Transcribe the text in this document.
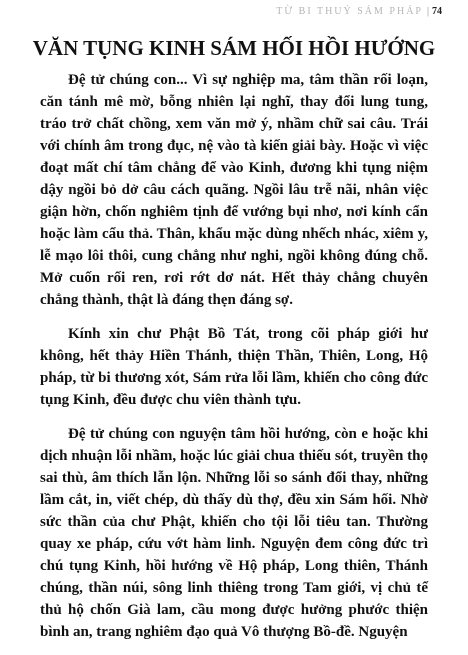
TỪ BI THUỶ SÁM PHÁP | 74
VĂN TỤNG KINH SÁM HỐI HỒI HƯỚNG

Đệ tử chúng con... Vì sự nghiệp ma, tâm thần rối loạn, căn tánh mê mờ, bỗng nhiên lại nghĩ, thay đổi lung tung, tráo trở chất chồng, xem văn mở ý, nhầm chữ sai câu. Trái với chính âm trong đục, nệ vào tà kiến giải bày. Hoặc vì việc đoạt mất chí tâm chẳng để vào Kinh, đương khi tụng niệm dậy ngồi bỏ dở câu cách quãng. Ngồi lâu trễ nãi, nhân việc giận hờn, chốn nghiêm tịnh để vướng bụi nhơ, nơi kính cẩn hoặc làm cẩu thả. Thân, khẩu mặc dùng nhếch nhác, xiêm y, lễ mạo lôi thôi, cung chẳng như nghi, ngồi không đúng chỗ. Mở cuốn rối ren, rơi rớt dơ nát. Hết thảy chẳng chuyên chẳng thành, thật là đáng thẹn đáng sợ.

Kính xin chư Phật Bồ Tát, trong cõi pháp giới hư không, hết thảy Hiền Thánh, thiện Thần, Thiên, Long, Hộ pháp, từ bi thương xót, Sám rửa lỗi lầm, khiến cho công đức tụng Kinh, đều được chu viên thành tựu.

Đệ tử chúng con nguyện tâm hồi hướng, còn e hoặc khi dịch nhuận lỗi nhầm, hoặc lúc giải chua thiếu sót, truyền thọ sai thù, âm thích lẫn lộn. Những lỗi so sánh đổi thay, những lầm cắt, in, viết chép, dù thấy dù thợ, đều xin Sám hối. Nhờ sức thần của chư Phật, khiến cho tội lỗi tiêu tan. Thường quay xe pháp, cứu vớt hàm linh. Nguyện đem công đức trì chú tụng Kinh, hồi hướng về Hộ pháp, Long thiên, Thánh chúng, thần núi, sông linh thiêng trong Tam giới, vị chủ tể thủ hộ chốn Già lam, cầu mong được hưởng phước thiện bình an, trang nghiêm đạo quả Vô thượng Bồ-đề. Nguyện
